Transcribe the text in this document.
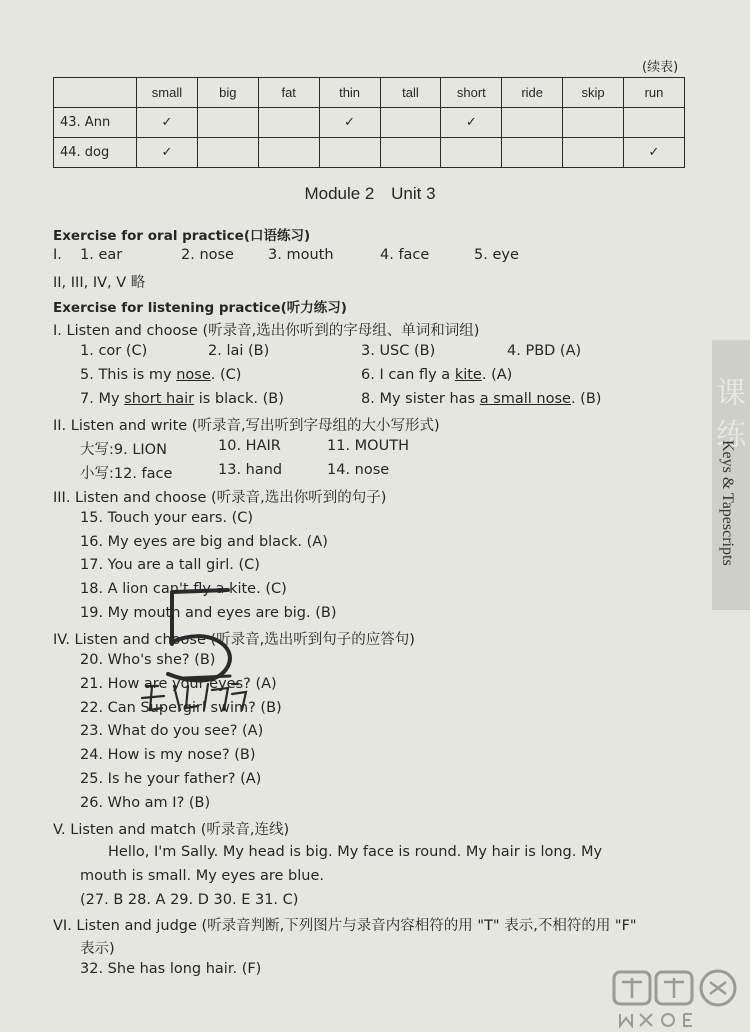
(续表)
	small	big	fat	thin	tall	short	ride	skip	run
43. Ann	✓			✓		✓			
44. dog	✓								✓
Module 2 Unit 3
Exercise for oral practice(口语练习)
I. 1. ear	2. nose 3. mouth	4. face	5. eye
II, III, IV, V 略
Exercise for listening practice(听力练习)
I. Listen and choose (听录音,选出你听到的字母组、单词和词组)
1. cor (C)	2. lai (B)	3. USC (B)	4. PBD (A)
5. This is my nose. (C)	6. I can fly a kite. (A)
7. My short hair is black. (B)	8. My sister has a small nose. (B)
II. Listen and write (听录音,写出听到字母组的大小写形式)
大写:9. LION	10. HAIR	11. MOUTH
小写:12. face	13. hand	14. nose
III. Listen and choose (听录音,选出你听到的句子)
15. Touch your ears. (C)
16. My eyes are big and black. (A)
17. You are a tall girl. (C)
18. A lion can't fly a kite. (C)
19. My mouth and eyes are big. (B)
IV. Listen and choose (听录音,选出听到句子的应答句)
20. Who's she? (B)
21. How are your eyes? (A)
22. Can Supergirl swim? (B)
23. What do you see? (A)
24. How is my nose? (B)
25. Is he your father? (A)
26. Who am I? (B)
V. Listen and match (听录音,连线)
Hello, I'm Sally. My head is big. My face is round. My hair is long. My
mouth is small. My eyes are blue.
(27. B 28. A 29. D 30. E 31. C)
VI. Listen and judge (听录音判断,下列图片与录音内容相符的用 "T" 表示,不相符的用 "F"
表示)
32. She has long hair. (F)
课
练
Keys & Tapescripts
